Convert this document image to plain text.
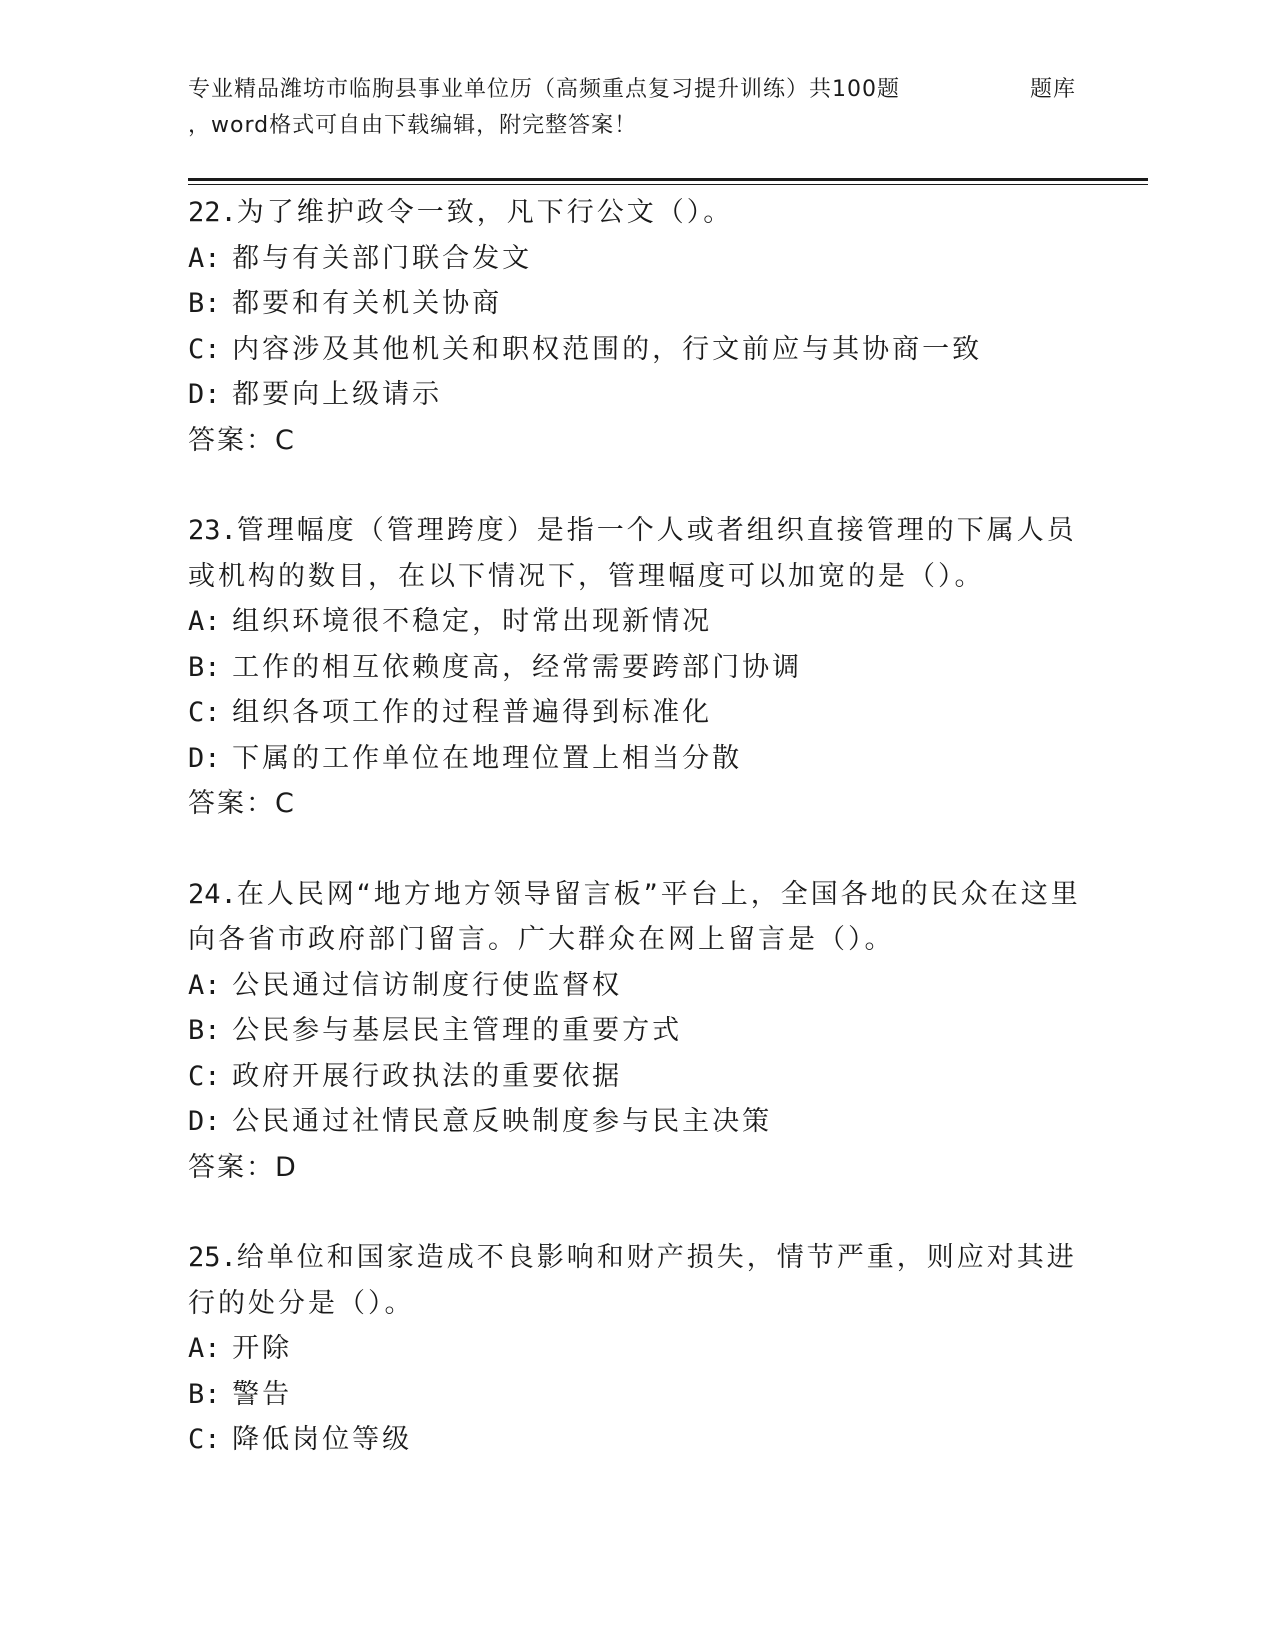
专业精品潍坊市临朐县事业单位历（高频重点复习提升训练）共100题	题库
，word格式可自由下载编辑，附完整答案！

22.为了维护政令一致，凡下行公文（）。

A: 都与有关部门联合发文

B: 都要和有关机关协商

C: 内容涉及其他机关和职权范围的，行文前应与其协商一致

D: 都要向上级请示

答案：C

23.管理幅度（管理跨度）是指一个人或者组织直接管理的下属人员或机构的数目，在以下情况下，管理幅度可以加宽的是（）。

A: 组织环境很不稳定，时常出现新情况

B: 工作的相互依赖度高，经常需要跨部门协调

C: 组织各项工作的过程普遍得到标准化

D: 下属的工作单位在地理位置上相当分散

答案：C

24.在人民网“地方地方领导留言板”平台上，全国各地的民众在这里向各省市政府部门留言。广大群众在网上留言是（）。

A: 公民通过信访制度行使监督权

B: 公民参与基层民主管理的重要方式

C: 政府开展行政执法的重要依据

D: 公民通过社情民意反映制度参与民主决策

答案：D

25.给单位和国家造成不良影响和财产损失，情节严重，则应对其进行的处分是（）。

A: 开除

B: 警告

C: 降低岗位等级
